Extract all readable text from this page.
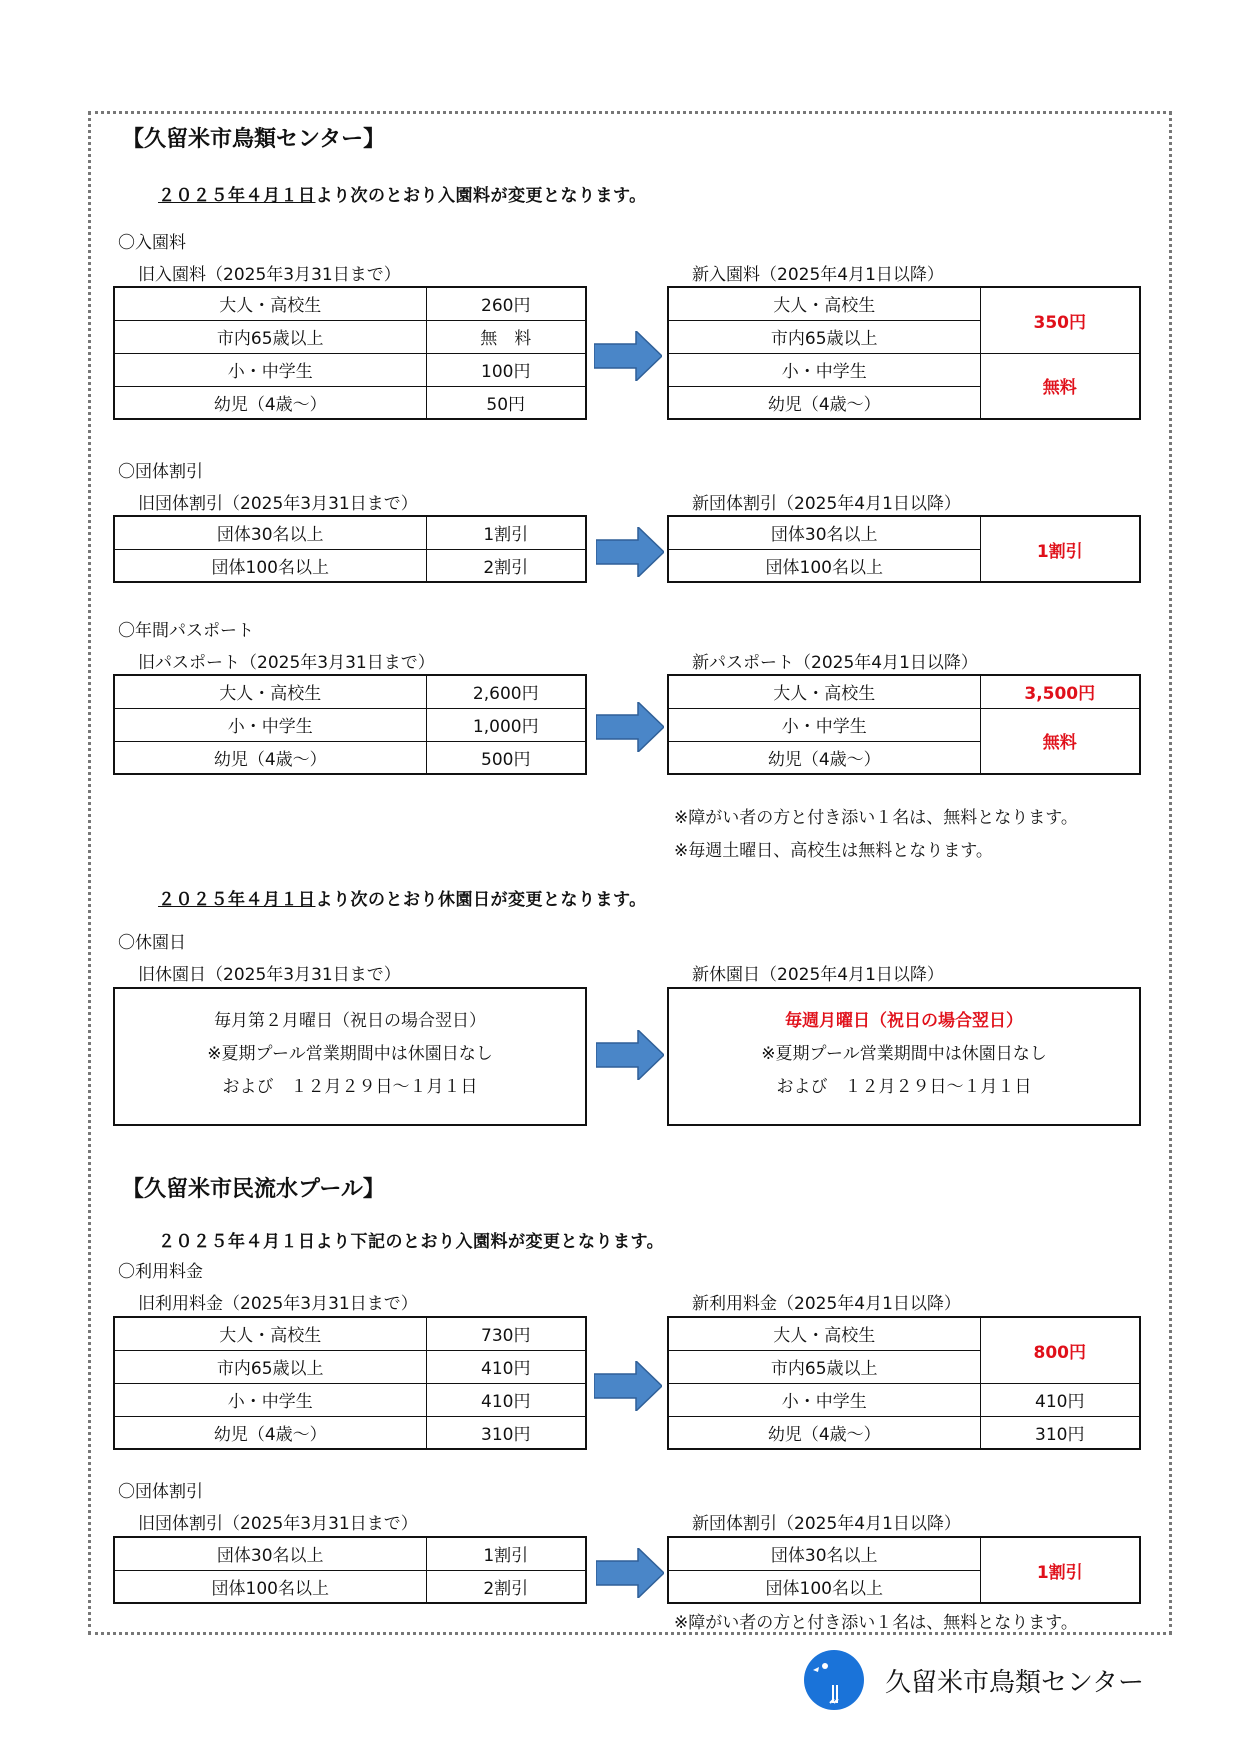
【久留米市鳥類センター】
２０２５年４月１日より次のとおり入園料が変更となります。
〇入園料
旧入園料（2025年3月31日まで）	新入園料（2025年4月1日以降）
大人・高校生	260円
市内65歳以上	無　料
小・中学生	100円
幼児（4歳～）	50円
大人・高校生	350円
市内65歳以上	
小・中学生	無料
幼児（4歳～）	
〇団体割引
旧団体割引（2025年3月31日まで）	新団体割引（2025年4月1日以降）
団体30名以上	1割引
団体100名以上	2割引
団体30名以上	1割引
団体100名以上
〇年間パスポート
旧パスポート（2025年3月31日まで）	新パスポート（2025年4月1日以降）
大人・高校生	2,600円
小・中学生	1,000円
幼児（4歳～）	500円
大人・高校生	3,500円
小・中学生	無料
幼児（4歳～）	
※障がい者の方と付き添い１名は、無料となります。
※毎週土曜日、高校生は無料となります。
２０２５年４月１日より次のとおり休園日が変更となります。
〇休園日
旧休園日（2025年3月31日まで）	新休園日（2025年4月1日以降）
毎月第２月曜日（祝日の場合翌日）
※夏期プール営業期間中は休園日なし
および　１２月２９日～１月１日
毎週月曜日（祝日の場合翌日）
※夏期プール営業期間中は休園日なし
および　１２月２９日～１月１日
【久留米市民流水プール】
２０２５年４月１日より下記のとおり入園料が変更となります。
〇利用料金
旧利用料金（2025年3月31日まで）	新利用料金（2025年4月1日以降）
大人・高校生	730円
市内65歳以上	410円
小・中学生	410円
幼児（4歳～）	310円
大人・高校生	800円
市内65歳以上	
小・中学生	410円
幼児（4歳～）	310円
〇団体割引
旧団体割引（2025年3月31日まで）	新団体割引（2025年4月1日以降）
団体30名以上	1割引
団体100名以上	2割引
団体30名以上	1割引
団体100名以上
※障がい者の方と付き添い１名は、無料となります。
久留米市鳥類センター
